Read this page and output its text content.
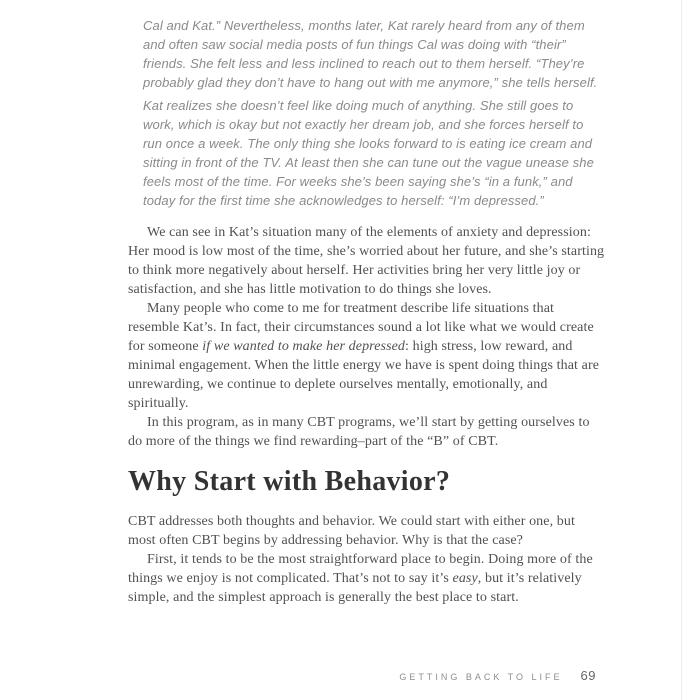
Cal and Kat.” Nevertheless, months later, Kat rarely heard from any of them and often saw social media posts of fun things Cal was doing with “their” friends. She felt less and less inclined to reach out to them herself. “They’re probably glad they don’t have to hang out with me anymore,” she tells herself.

Kat realizes she doesn’t feel like doing much of anything. She still goes to work, which is okay but not exactly her dream job, and she forces herself to run once a week. The only thing she looks forward to is eating ice cream and sitting in front of the TV. At least then she can tune out the vague unease she feels most of the time. For weeks she’s been saying she’s “in a funk,” and today for the first time she acknowledges to herself: “I’m depressed.”

We can see in Kat’s situation many of the elements of anxiety and depression: Her mood is low most of the time, she’s worried about her future, and she’s starting to think more negatively about herself. Her activities bring her very little joy or satisfaction, and she has little motivation to do things she loves.

Many people who come to me for treatment describe life situations that resemble Kat’s. In fact, their circumstances sound a lot like what we would create for someone if we wanted to make her depressed: high stress, low reward, and minimal engagement. When the little energy we have is spent doing things that are unrewarding, we continue to deplete ourselves mentally, emotionally, and spiritually.

In this program, as in many CBT programs, we’ll start by getting ourselves to do more of the things we find rewarding–part of the “B” of CBT.

Why Start with Behavior?

CBT addresses both thoughts and behavior. We could start with either one, but most often CBT begins by addressing behavior. Why is that the case?

First, it tends to be the most straightforward place to begin. Doing more of the things we enjoy is not complicated. That’s not to say it’s easy, but it’s relatively simple, and the simplest approach is generally the best place to start.

GETTING BACK TO LIFE 69
